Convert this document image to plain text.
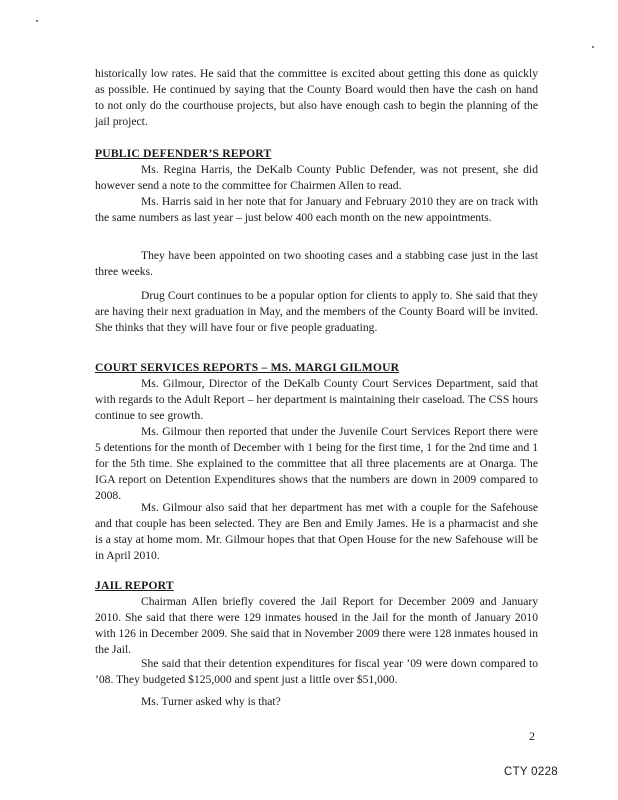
historically low rates. He said that the committee is excited about getting this done as quickly as possible. He continued by saying that the County Board would then have the cash on hand to not only do the courthouse projects, but also have enough cash to begin the planning of the jail project.

PUBLIC DEFENDER’S REPORT

Ms. Regina Harris, the DeKalb County Public Defender, was not present, she did however send a note to the committee for Chairmen Allen to read.

Ms. Harris said in her note that for January and February 2010 they are on track with the same numbers as last year – just below 400 each month on the new appointments.

They have been appointed on two shooting cases and a stabbing case just in the last three weeks.

Drug Court continues to be a popular option for clients to apply to. She said that they are having their next graduation in May, and the members of the County Board will be invited. She thinks that they will have four or five people graduating.

COURT SERVICES REPORTS – MS. MARGI GILMOUR

Ms. Gilmour, Director of the DeKalb County Court Services Department, said that with regards to the Adult Report – her department is maintaining their caseload. The CSS hours continue to see growth.

Ms. Gilmour then reported that under the Juvenile Court Services Report there were 5 detentions for the month of December with 1 being for the first time, 1 for the 2nd time and 1 for the 5th time. She explained to the committee that all three placements are at Onarga. The IGA report on Detention Expenditures shows that the numbers are down in 2009 compared to 2008.

Ms. Gilmour also said that her department has met with a couple for the Safehouse and that couple has been selected. They are Ben and Emily James. He is a pharmacist and she is a stay at home mom. Mr. Gilmour hopes that that Open House for the new Safehouse will be in April 2010.

JAIL REPORT

Chairman Allen briefly covered the Jail Report for December 2009 and January 2010. She said that there were 129 inmates housed in the Jail for the month of January 2010 with 126 in December 2009. She said that in November 2009 there were 128 inmates housed in the Jail.

She said that their detention expenditures for fiscal year ’09 were down compared to ’08. They budgeted $125,000 and spent just a little over $51,000.

Ms. Turner asked why is that?

2
CTY 0228
